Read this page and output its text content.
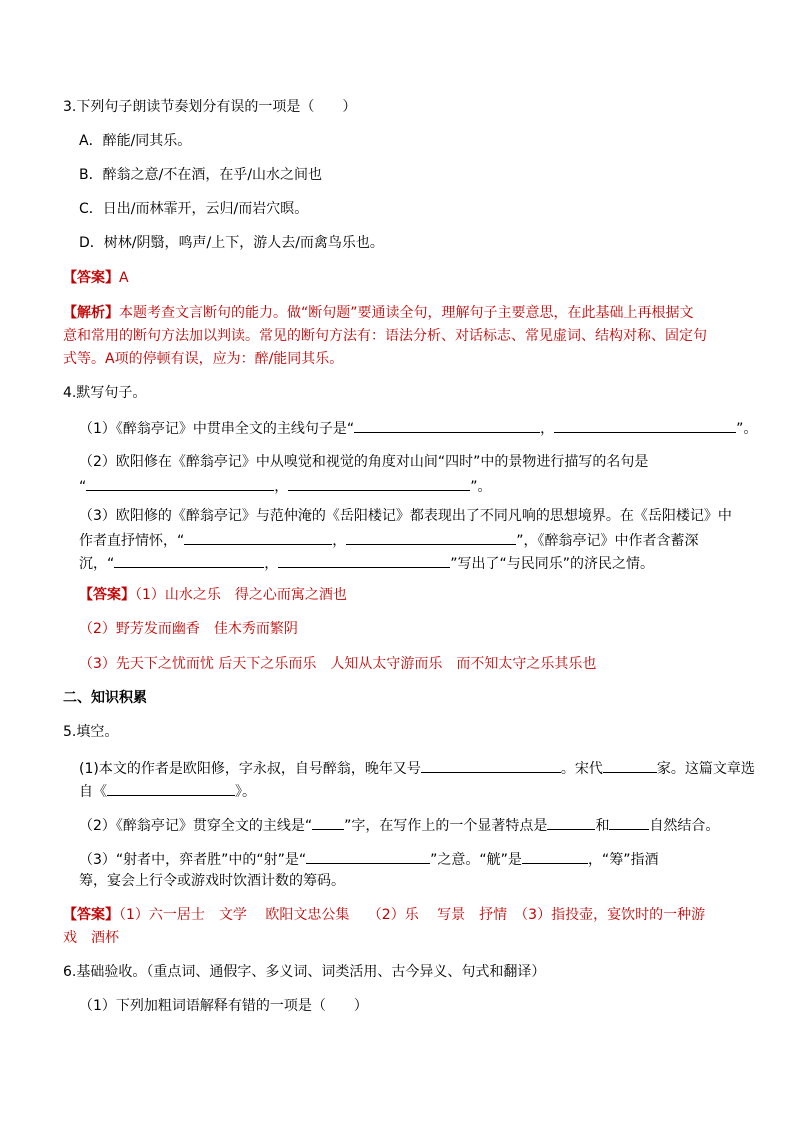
3.下列句子朗读节奏划分有误的一项是（　　）
A．醉能/同其乐。
B．醉翁之意/不在酒，在乎/山水之间也
C．日出/而林霏开，云归/而岩穴暝。
D．树林/阴翳，鸣声/上下，游人去/而禽鸟乐也。
【答案】A
【解析】本题考查文言断句的能力。做“断句题”要通读全句，理解句子主要意思，在此基础上再根据文
意和常用的断句方法加以判读。常见的断句方法有：语法分析、对话标志、常见虚词、结构对称、固定句
式等。A项的停顿有误，应为：醉/能同其乐。
4.默写句子。
（1）《醉翁亭记》中贯串全文的主线句子是“	，	”。
（2）欧阳修在《醉翁亭记》中从嗅觉和视觉的角度对山间“四时”中的景物进行描写的名句是
“	，	”。
（3）欧阳修的《醉翁亭记》与范仲淹的《岳阳楼记》都表现出了不同凡响的思想境界。在《岳阳楼记》中
作者直抒情怀，“	，	”，《醉翁亭记》中作者含蓄深
沉，“	，	”写出了“与民同乐”的济民之情。
【答案】（1）山水之乐　得之心而寓之酒也
（2）野芳发而幽香　佳木秀而繁阴
（3）先天下之忧而忧 后天下之乐而乐　人知从太守游而乐　而不知太守之乐其乐也
二、知识积累
5.填空。
(1)本文的作者是欧阳修，字永叔，自号醉翁，晚年又号	。宋代	家。这篇文章选
自《	》。
（2）《醉翁亭记》贯穿全文的主线是“ ”字，在写作上的一个显著特点是	和	自然结合。
（3）“射者中，弈者胜”中的“射”是“	”之意。“觥”是	，“筹”指酒
筹，宴会上行令或游戏时饮酒计数的筹码。
【答案】（1）六一居士　文学　 欧阳文忠公集　 （2）乐　 写景　抒情　（3）指投壶，宴饮时的一种游
戏　酒杯
6.基础验收。（重点词、通假字、多义词、词类活用、古今异义、句式和翻译）
（1）下列加粗词语解释有错的一项是（　　）
